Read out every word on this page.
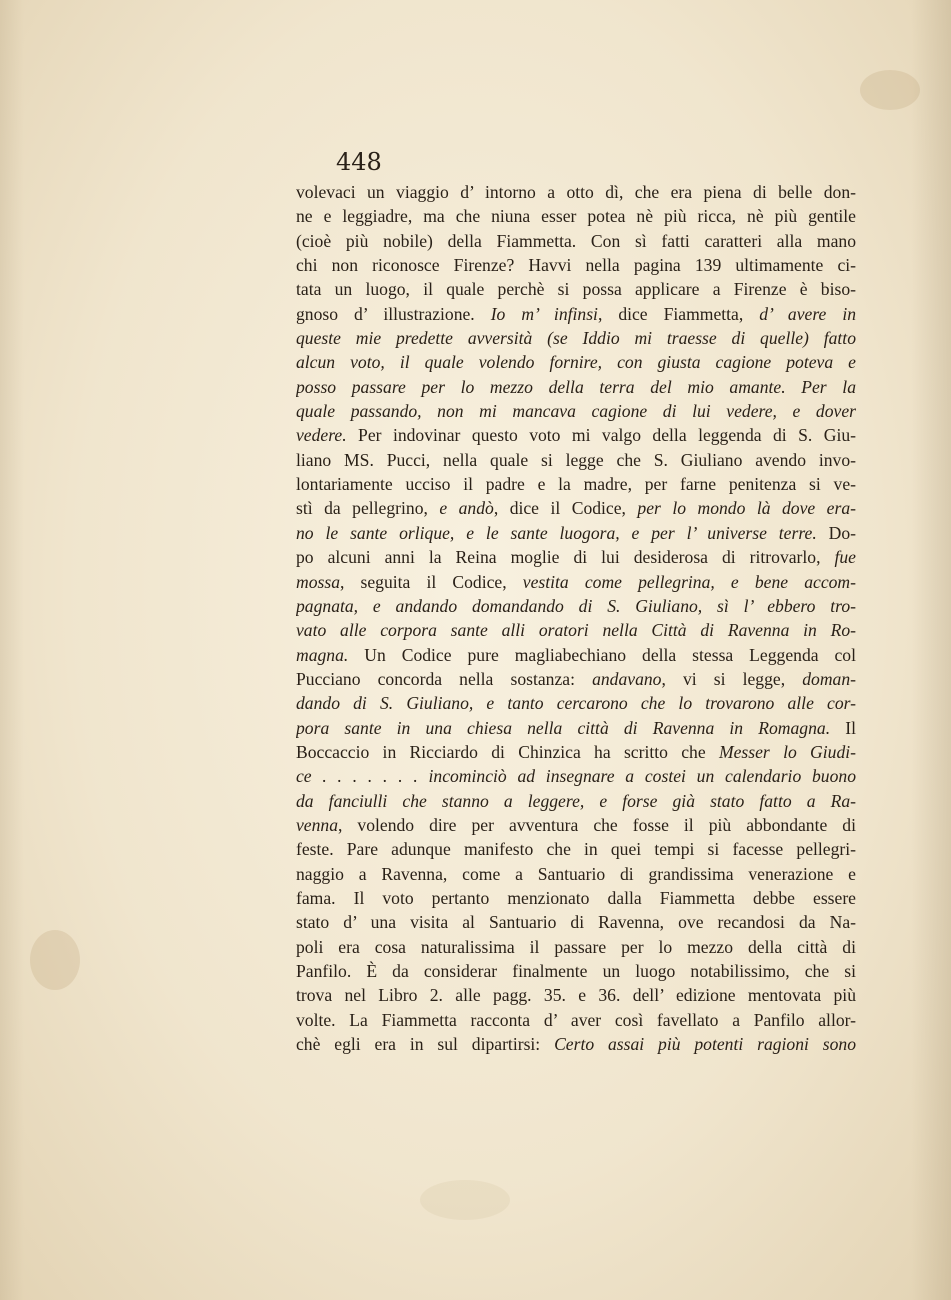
448
volevaci un viaggio d’ intorno a otto dì, che era piena di belle don-
ne e leggiadre, ma che niuna esser potea nè più ricca, nè più gentile
(cioè più nobile) della Fiammetta. Con sì fatti caratteri alla mano
chi non riconosce Firenze? Havvi nella pagina 139 ultimamente ci-
tata un luogo, il quale perchè si possa applicare a Firenze è biso-
gnoso d’ illustrazione. Io m’ infinsi, dice Fiammetta, d’ avere in
queste mie predette avversità (se Iddio mi traesse di quelle) fatto
alcun voto, il quale volendo fornire, con giusta cagione poteva e
posso passare per lo mezzo della terra del mio amante. Per la
quale passando, non mi mancava cagione di lui vedere, e dover
vedere. Per indovinar questo voto mi valgo della leggenda di S. Giu-
liano MS. Pucci, nella quale si legge che S. Giuliano avendo invo-
lontariamente ucciso il padre e la madre, per farne penitenza si ve-
stì da pellegrino, e andò, dice il Codice, per lo mondo là dove era-
no le sante orlique, e le sante luogora, e per l’ universe terre. Do-
po alcuni anni la Reina moglie di lui desiderosa di ritrovarlo, fue
mossa, seguita il Codice, vestita come pellegrina, e bene accom-
pagnata, e andando domandando di S. Giuliano, sì l’ ebbero tro-
vato alle corpora sante alli oratori nella Città di Ravenna in Ro-
magna. Un Codice pure magliabechiano della stessa Leggenda col
Pucciano concorda nella sostanza: andavano, vi si legge, doman-
dando di S. Giuliano, e tanto cercarono che lo trovarono alle cor-
pora sante in una chiesa nella città di Ravenna in Romagna. Il
Boccaccio in Ricciardo di Chinzica ha scritto che Messer lo Giudi-
ce . . . . . . . incominciò ad insegnare a costei un calendario buono
da fanciulli che stanno a leggere, e forse già stato fatto a Ra-
venna, volendo dire per avventura che fosse il più abbondante di
feste. Pare adunque manifesto che in quei tempi si facesse pellegri-
naggio a Ravenna, come a Santuario di grandissima venerazione e
fama. Il voto pertanto menzionato dalla Fiammetta debbe essere
stato d’ una visita al Santuario di Ravenna, ove recandosi da Na-
poli era cosa naturalissima il passare per lo mezzo della città di
Panfilo. È da considerar finalmente un luogo notabilissimo, che si
trova nel Libro 2. alle pagg. 35. e 36. dell’ edizione mentovata più
volte. La Fiammetta racconta d’ aver così favellato a Panfilo allor-
chè egli era in sul dipartirsi: Certo assai più potenti ragioni sono
